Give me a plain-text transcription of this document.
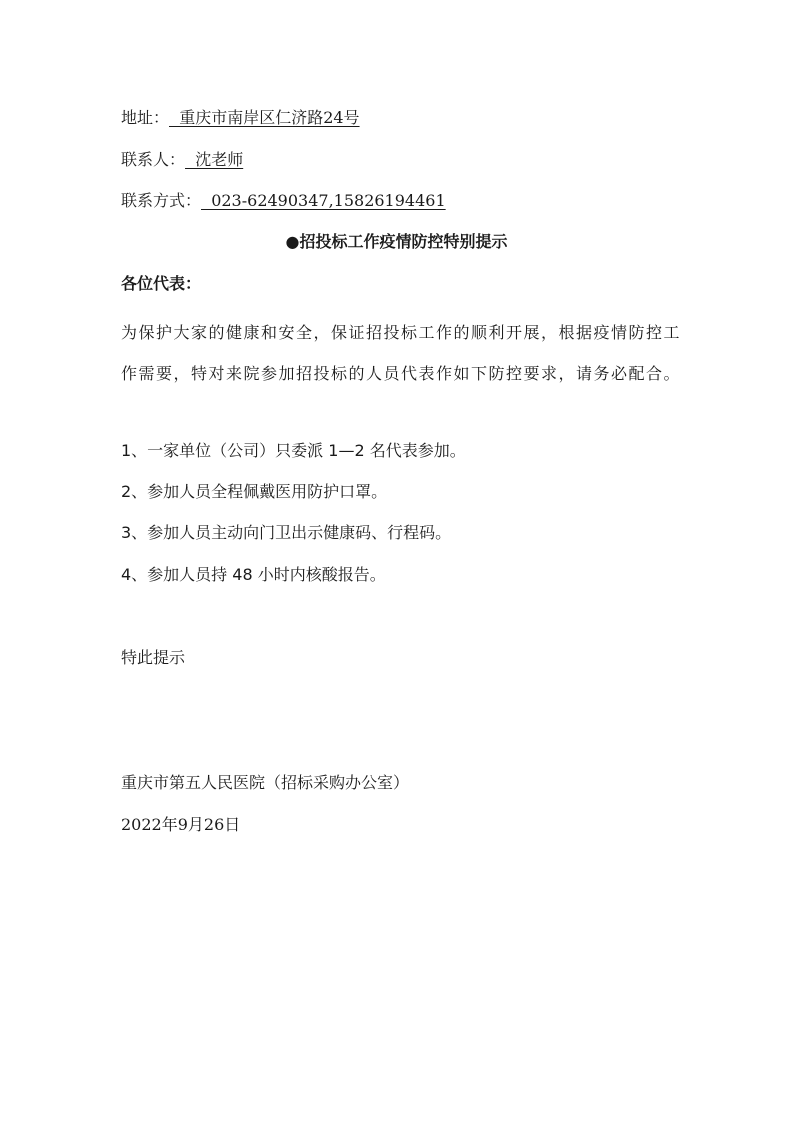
地址：  重庆市南岸区仁济路24号
联系人：  沈老师
联系方式：  023-62490347,15826194461
●招投标工作疫情防控特别提示
各位代表：
为保护大家的健康和安全，保证招投标工作的顺利开展，根据疫情防控工作需要，特对来院参加招投标的人员代表作如下防控要求，请务必配合。
1、一家单位（公司）只委派 1—2 名代表参加。
2、参加人员全程佩戴医用防护口罩。
3、参加人员主动向门卫出示健康码、行程码。
4、参加人员持 48 小时内核酸报告。
特此提示
重庆市第五人民医院（招标采购办公室）
2022年9月26日
